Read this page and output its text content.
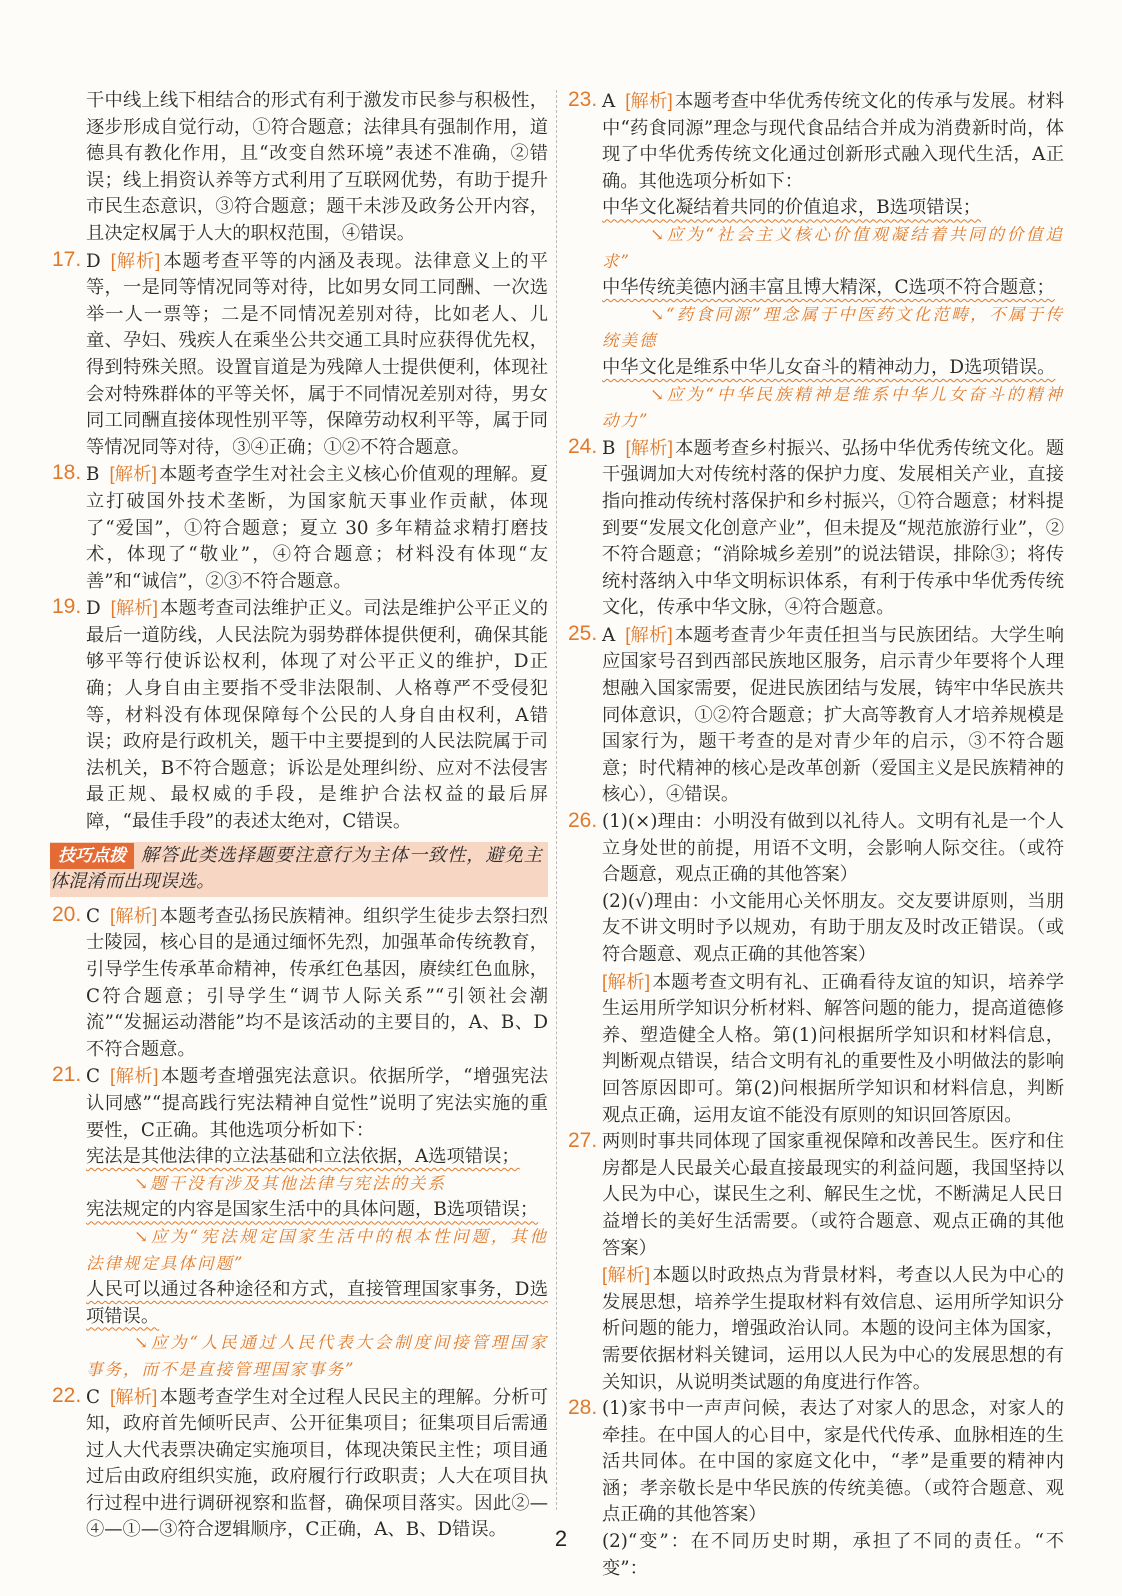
干中线上线下相结合的形式有利于激发市民参与积极性，逐步形成自觉行动，①符合题意；法律具有强制作用，道德具有教化作用，且“改变自然环境”表述不准确，②错误；线上捐资认养等方式利用了互联网优势，有助于提升市民生态意识，③符合题意；题干未涉及政务公开内容，且决定权属于人大的职权范围，④错误。

17. D [解析] 本题考查平等的内涵及表现。法律意义上的平等，一是同等情况同等对待，比如男女同工同酬、一次选举一人一票等；二是不同情况差别对待，比如老人、儿童、孕妇、残疾人在乘坐公共交通工具时应获得优先权，得到特殊关照。设置盲道是为残障人士提供便利，体现社会对特殊群体的平等关怀，属于不同情况差别对待，男女同工同酬直接体现性别平等，保障劳动权利平等，属于同等情况同等对待，③④正确；①②不符合题意。

18. B [解析] 本题考查学生对社会主义核心价值观的理解。夏立打破国外技术垄断，为国家航天事业作贡献，体现了“爱国”，①符合题意；夏立 30 多年精益求精打磨技术，体现了“敬业”，④符合题意；材料没有体现“友善”和“诚信”，②③不符合题意。

19. D [解析] 本题考查司法维护正义。司法是维护公平正义的最后一道防线，人民法院为弱势群体提供便利，确保其能够平等行使诉讼权利，体现了对公平正义的维护，D正确；人身自由主要指不受非法限制、人格尊严不受侵犯等，材料没有体现保障每个公民的人身自由权利，A错误；政府是行政机关，题干中主要提到的人民法院属于司法机关，B不符合题意；诉讼是处理纠纷、应对不法侵害最正规、最权威的手段，是维护合法权益的最后屏障，“最佳手段”的表述太绝对，C错误。

技巧点拨 解答此类选择题要注意行为主体一致性，避免主体混淆而出现误选。

20. C [解析] 本题考查弘扬民族精神。组织学生徒步去祭扫烈士陵园，核心目的是通过缅怀先烈，加强革命传统教育，引导学生传承革命精神，传承红色基因，赓续红色血脉，C符合题意；引导学生“调节人际关系”“引领社会潮流”“发掘运动潜能”均不是该活动的主要目的，A、B、D不符合题意。

21. C [解析] 本题考查增强宪法意识。依据所学，“增强宪法认同感”“提高践行宪法精神自觉性”说明了宪法实施的重要性，C正确。其他选项分析如下：

宪法是其他法律的立法基础和立法依据，A选项错误；

↘题干没有涉及其他法律与宪法的关系

宪法规定的内容是国家生活中的具体问题，B选项错误；

↘应为“宪法规定国家生活中的根本性问题，其他法律规定具体问题”

人民可以通过各种途径和方式，直接管理国家事务，D选项错误。

↘应为“人民通过人民代表大会制度间接管理国家事务，而不是直接管理国家事务”

22. C [解析] 本题考查学生对全过程人民民主的理解。分析可知，政府首先倾听民声、公开征集项目；征集项目后需通过人大代表票决确定实施项目，体现决策民主性；项目通过后由政府组织实施，政府履行行政职责；人大在项目执行过程中进行调研视察和监督，确保项目落实。因此②—④—①—③符合逻辑顺序，C正确，A、B、D错误。

23. A [解析] 本题考查中华优秀传统文化的传承与发展。材料中“药食同源”理念与现代食品结合并成为消费新时尚，体现了中华优秀传统文化通过创新形式融入现代生活，A正确。其他选项分析如下：

中华文化凝结着共同的价值追求，B选项错误；

↘应为“社会主义核心价值观凝结着共同的价值追求”

中华传统美德内涵丰富且博大精深，C选项不符合题意；

↘“药食同源”理念属于中医药文化范畴，不属于传统美德

中华文化是维系中华儿女奋斗的精神动力，D选项错误。

↘应为“中华民族精神是维系中华儿女奋斗的精神动力”

24. B [解析] 本题考查乡村振兴、弘扬中华优秀传统文化。题干强调加大对传统村落的保护力度、发展相关产业，直接指向推动传统村落保护和乡村振兴，①符合题意；材料提到要“发展文化创意产业”，但未提及“规范旅游行业”，②不符合题意；“消除城乡差别”的说法错误，排除③；将传统村落纳入中华文明标识体系，有利于传承中华优秀传统文化，传承中华文脉，④符合题意。

25. A [解析] 本题考查青少年责任担当与民族团结。大学生响应国家号召到西部民族地区服务，启示青少年要将个人理想融入国家需要，促进民族团结与发展，铸牢中华民族共同体意识，①②符合题意；扩大高等教育人才培养规模是国家行为，题干考查的是对青少年的启示，③不符合题意；时代精神的核心是改革创新（爱国主义是民族精神的核心），④错误。

26. (1)(×)理由：小明没有做到以礼待人。文明有礼是一个人立身处世的前提，用语不文明，会影响人际交往。（或符合题意，观点正确的其他答案）

(2)(√)理由：小文能用心关怀朋友。交友要讲原则，当朋友不讲文明时予以规劝，有助于朋友及时改正错误。（或符合题意、观点正确的其他答案）

[解析] 本题考查文明有礼、正确看待友谊的知识，培养学生运用所学知识分析材料、解答问题的能力，提高道德修养、塑造健全人格。第(1)问根据所学知识和材料信息，判断观点错误，结合文明有礼的重要性及小明做法的影响回答原因即可。第(2)问根据所学知识和材料信息，判断观点正确，运用友谊不能没有原则的知识回答原因。

27. 两则时事共同体现了国家重视保障和改善民生。医疗和住房都是人民最关心最直接最现实的利益问题，我国坚持以人民为中心，谋民生之利、解民生之忧，不断满足人民日益增长的美好生活需要。（或符合题意、观点正确的其他答案）

[解析] 本题以时政热点为背景材料，考查以人民为中心的发展思想，培养学生提取材料有效信息、运用所学知识分析问题的能力，增强政治认同。本题的设问主体为国家，需要依据材料关键词，运用以人民为中心的发展思想的有关知识，从说明类试题的角度进行作答。

28. (1)家书中一声声问候，表达了对家人的思念，对家人的牵挂。在中国人的心目中，家是代代传承、血脉相连的生活共同体。在中国的家庭文化中，“孝”是重要的精神内涵；孝亲敬长是中华民族的传统美德。（或符合题意、观点正确的其他答案）

(2)“变”：在不同历史时期，承担了不同的责任。“不变”：

2
